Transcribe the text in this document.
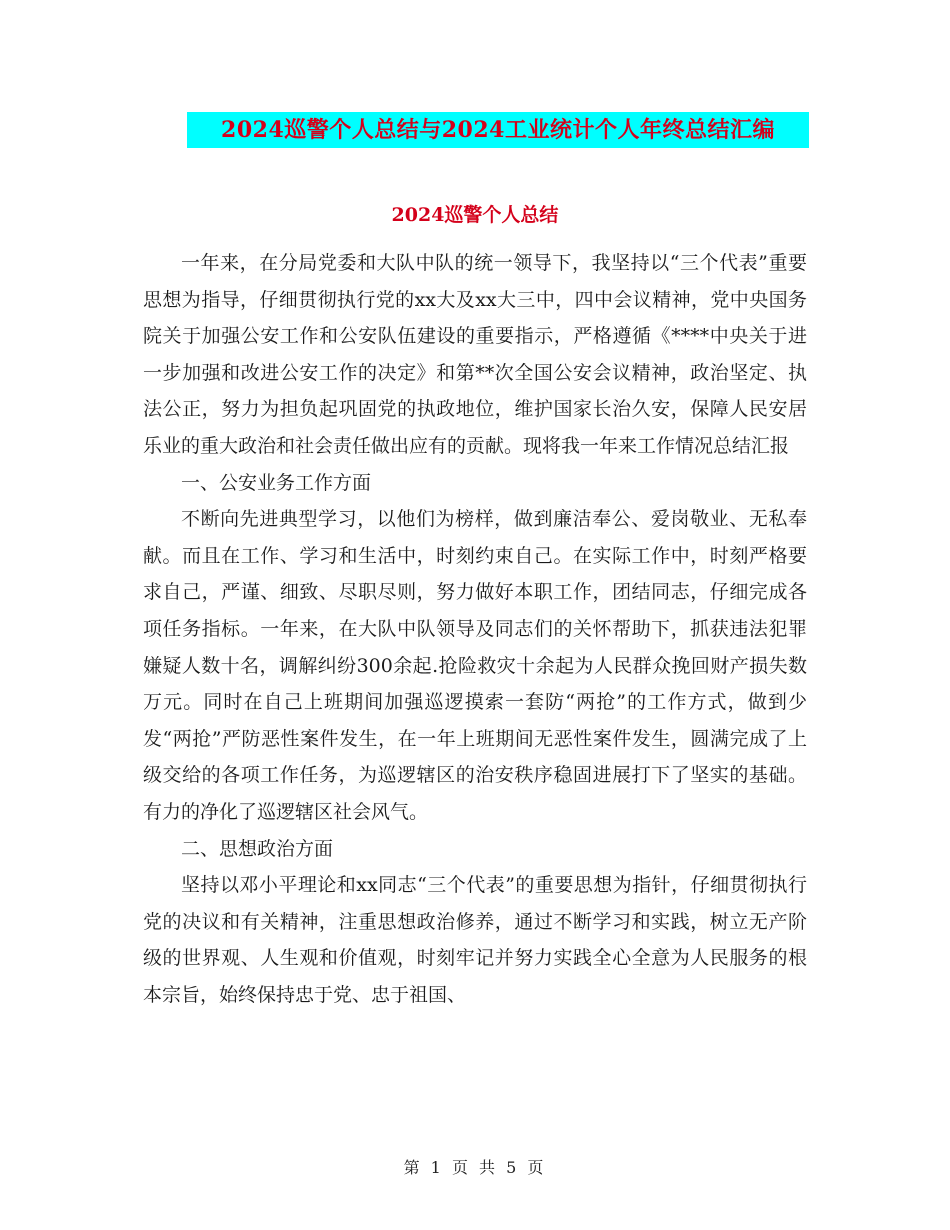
2024巡警个人总结与2024工业统计个人年终总结汇编
2024巡警个人总结

一年来，在分局党委和大队中队的统一领导下，我坚持以“三个代表”重要思想为指导，仔细贯彻执行党的xx大及xx大三中，四中会议精神，党中央国务院关于加强公安工作和公安队伍建设的重要指示，严格遵循《****中央关于进一步加强和改进公安工作的决定》和第**次全国公安会议精神，政治坚定、执法公正，努力为担负起巩固党的执政地位，维护国家长治久安，保障人民安居乐业的重大政治和社会责任做出应有的贡献。现将我一年来工作情况总结汇报

一、公安业务工作方面

不断向先进典型学习，以他们为榜样，做到廉洁奉公、爱岗敬业、无私奉献。而且在工作、学习和生活中，时刻约束自己。在实际工作中，时刻严格要求自己，严谨、细致、尽职尽则，努力做好本职工作，团结同志，仔细完成各项任务指标。一年来，在大队中队领导及同志们的关怀帮助下，抓获违法犯罪嫌疑人数十名，调解纠纷300余起.抢险救灾十余起为人民群众挽回财产损失数万元。同时在自己上班期间加强巡逻摸索一套防“两抢”的工作方式，做到少发“两抢”严防恶性案件发生，在一年上班期间无恶性案件发生，圆满完成了上级交给的各项工作任务，为巡逻辖区的治安秩序稳固进展打下了坚实的基础。有力的净化了巡逻辖区社会风气。

二、思想政治方面

坚持以邓小平理论和xx同志“三个代表”的重要思想为指针，仔细贯彻执行党的决议和有关精神，注重思想政治修养，通过不断学习和实践，树立无产阶级的世界观、人生观和价值观，时刻牢记并努力实践全心全意为人民服务的根本宗旨，始终保持忠于党、忠于祖国、

第 1 页 共 5 页
